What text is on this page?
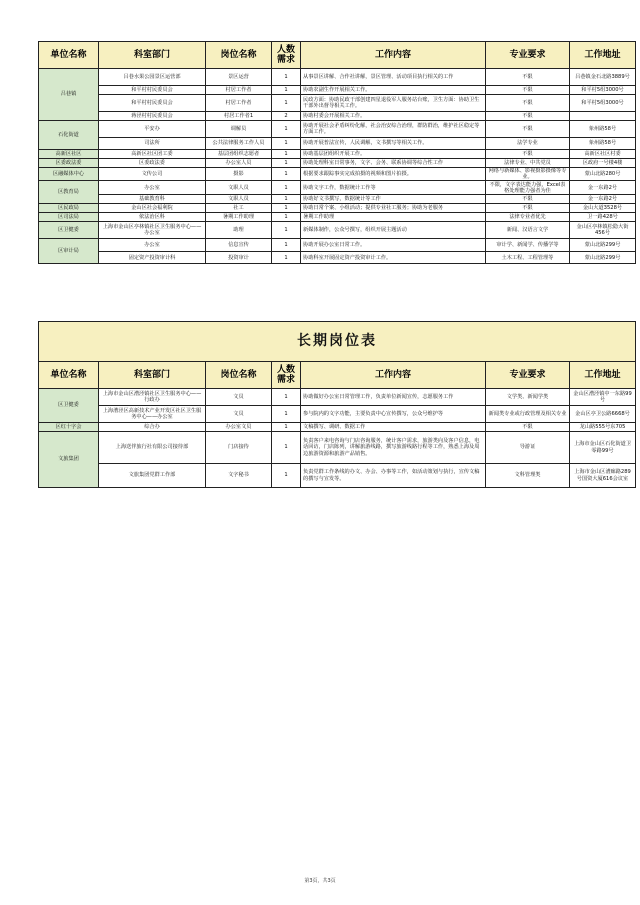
单位名称	科室部门	岗位名称	人数需求	工作内容	专业要求	工作地址
吕巷镇	吕巷水果公园景区运营部	景区运营	1	从事景区讲解、合作社讲解，景区管理、活动项目执行相关的工作	不限	吕巷镇金石北路3889号
	和平村村民委员会	村居工作者	1	协助农副生作开展相关工作。	不限	和平村5组3000号
	和平村村民委员会	村居工作者	1	民政方面：协助民政干部创建四星退役军人服务站台账，卫生方面：协助卫生干部外出督导相关工作。	不限	和平村5组3000号
	蒋泾村村民委员会	村居工作者1	2	协助村委会开展相关工作。	不限	
石化街道	平安办	调解员	1	协助开展社会矛盾纠纷化解，社会治安综合治理，群防群治，维护社区稳定等方面工作。	不限	象州路58号
	司法所	公共法律服务工作人员	1	协助开展普法宣传，人民调解，文书撰写等相关工作。	法学专业	象州路58号
高新区社区	高新区社区团工委	基层团组织志愿者	1	协助基层团组织开展工作。	不限	高新区社区村委
区委政法委	区委政法委	办公室人员	1	协助处理科室日常事务，文字、会务、联系协调等综合性工作	法律专业、中共党员	区政府一号楼4楼
区融媒体中心	文传公司	摄影	1	根据要求跟踪事实完成拍摄的视频和图片拍摄。	网络与新媒体、影视摄影摄像等专业。	蒙山北路280号
区教育局	办公室	文职人员	1	协助文字工作，数据统计工作等	不限，文字表达能力强，Excel表格处理能力强者为佳	金一东路2号
	基础教育科	文职人员	1	协助好文书撰写，数据统计等工作	不限	金一东路2号
区民政局	金山区社会福利院	社工	1	协助日常个案、小组活动；提供专业社工服务；协助为老服务	不限	金山大道3528号
区司法局	依法治区科	暑期工作助理	1	暑期工作助理	法律专业者优先	卫一路428号
区卫健委	上海市金山区亭林镇社区卫生服务中心——办公室	助理	1	新媒体制作，公众号撰写，组织开展主题活动	新闻、汉语言文学	金山区亭林镇松隐大街456号
区审计局	办公室	信息宣传	1	协助开展办公室日常工作。	审计学、新闻学、传播学等	蒙山北路299号
	固定资产投资审计科	投资审计	1	协助科室开展固定资产投资审计工作。	土木工程、工程管理等	蒙山北路299号
长期岗位表						
单位名称	科室部门	岗位名称	人数需求	工作内容	专业要求	工作地址
区卫健委	上海市金山区漕泾镇社区卫生服务中心——行政办	文员	1	协助做好办公室日常管理工作，负责单位新闻宣传，志愿服务工作	文学类、新闻学类	金山区漕泾镇中一东路99号
	上海漕泾区高新技术产业开发区社区卫生服务中心——办公室	文员	1	参与院内的文字功能，主要负责中心宣传撰写，公众号维护等	新闻类专业或行政管理及相关专业	金山区亭卫公路6668号
区红十字会	综合办	办公室文员	1	文稿撰写、调研、数据工作	不限	龙山路555号东705
文旅集团	上海送伴旅行社有限公司接待部	门店接待	1	负责客户来电咨询与门店咨询服务，统计客户需求，旅游类向及客户信息，电话回访，门店陈列，讲解旅游线路，撰写旅游线路行程等工作，熟悉上海及周边旅游资源和旅游产品销售。	导游证	上海市金山区石化街道卫零路99号
	文旅集团党群工作部	文字秘书	1	负责党群工作条线的办文、办会、办事等工作，如活动策划与执行，宣传文稿的撰写与宣发等。	文科管理类	上海市金山区漕廊路289号国资大厦616会议室
第3页，共3页
